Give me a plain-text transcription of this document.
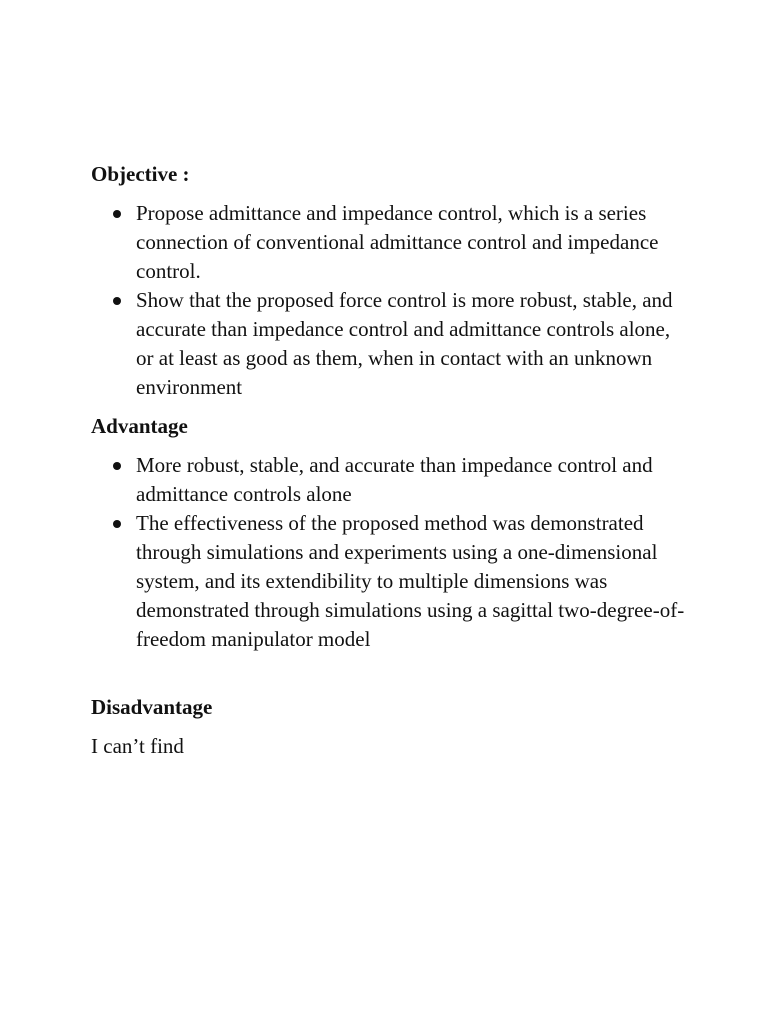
Objective :

Propose admittance and impedance control, which is a series connection of conventional admittance control and impedance control.
Show that the proposed force control is more robust, stable, and accurate than impedance control and admittance controls alone, or at least as good as them, when in contact with an unknown environment

Advantage

More robust, stable, and accurate than impedance control and admittance controls alone
The effectiveness of the proposed method was demonstrated through simulations and experiments using a one-dimensional system, and its extendibility to multiple dimensions was demonstrated through simulations using a sagittal two-degree-of-freedom manipulator model

Disadvantage

I can’t find
